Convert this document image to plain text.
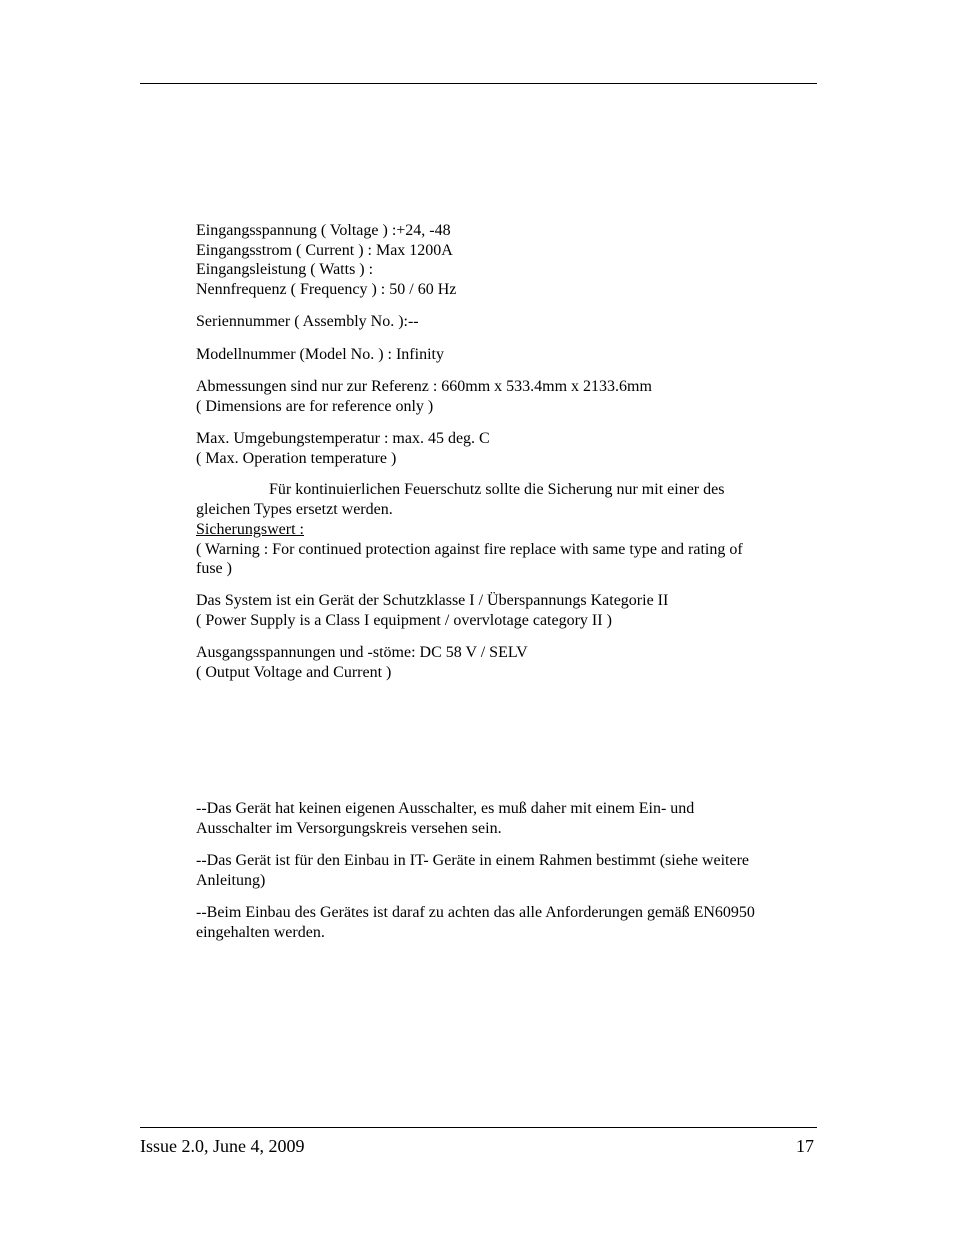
Eingangsspannung ( Voltage ) :+24, -48
Eingangsstrom ( Current ) : Max 1200A
Eingangsleistung ( Watts ) :
Nennfrequenz ( Frequency ) : 50 / 60 Hz
Seriennummer ( Assembly No. ):--
Modellnummer (Model No. ) : Infinity
Abmessungen sind nur zur Referenz : 660mm x 533.4mm x 2133.6mm
( Dimensions are for reference only )
Max. Umgebungstemperatur : max. 45 deg. C
( Max. Operation temperature )
Für kontinuierlichen Feuerschutz sollte die Sicherung nur mit einer des
gleichen Types ersetzt werden.
Sicherungswert :
( Warning : For continued protection against fire replace with same type and rating of
fuse )
Das System ist ein Gerät der Schutzklasse I / Überspannungs Kategorie II
( Power Supply is a Class I equipment / overvlotage category II )
Ausgangsspannungen und -stöme: DC 58 V / SELV
( Output Voltage and Current )
--Das Gerät hat keinen eigenen Ausschalter, es muß daher mit einem Ein- und
Ausschalter im Versorgungskreis versehen sein.
--Das Gerät ist für den Einbau in IT- Geräte in einem Rahmen bestimmt (siehe weitere
Anleitung)
--Beim Einbau des Gerätes ist daraf zu achten das alle Anforderungen gemäß EN60950
eingehalten werden.
Issue 2.0, June 4, 2009	17
